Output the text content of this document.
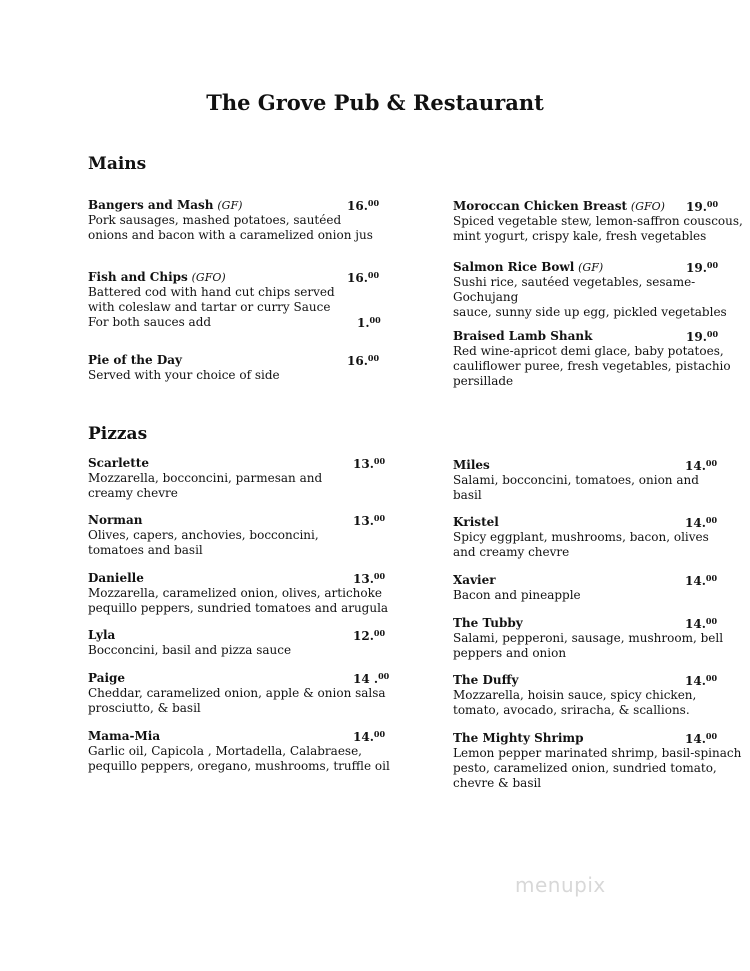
The Grove Pub & Restaurant
Mains
Pizzas
Bangers and Mash (GF)
Pork sausages, mashed potatoes, sautéed
onions and bacon with a caramelized onion jus
16.00
Fish and Chips (GFO)
Battered cod with hand cut chips served
with coleslaw and tartar or curry Sauce
For both sauces add
16.00
1.00
Pie of the Day
Served with your choice of side
16.00
Moroccan Chicken Breast (GFO)
Spiced vegetable stew, lemon-saffron couscous,
mint yogurt, crispy kale, fresh vegetables
19.00
Salmon Rice Bowl (GF)
Sushi rice, sautéed vegetables, sesame-Gochujang
sauce, sunny side up egg, pickled vegetables
19.00
Braised Lamb Shank
Red wine-apricot demi glace, baby potatoes,
cauliflower puree, fresh vegetables, pistachio
persillade
19.00
Scarlette
Mozzarella, bocconcini, parmesan and
creamy chevre
13.00
Norman
Olives, capers, anchovies, bocconcini,
tomatoes and basil
13.00
Danielle
Mozzarella, caramelized onion, olives, artichoke
pequillo peppers, sundried tomatoes and arugula
13.00
Lyla
Bocconcini, basil and pizza sauce
12.00
Paige
Cheddar, caramelized onion, apple & onion salsa
prosciutto, & basil
14 .$^{00}$
Mama-Mia
Garlic oil, Capicola , Mortadella, Calabraese,
pequillo peppers, oregano, mushrooms, truffle oil
14.00
Miles
Salami, bocconcini, tomatoes, onion and
basil
14.00
Kristel
Spicy eggplant, mushrooms, bacon, olives
and creamy chevre
14.00
Xavier
Bacon and pineapple
14.00
The Tubby
Salami, pepperoni, sausage, mushroom, bell
peppers and onion
14.00
The Duffy
Mozzarella, hoisin sauce, spicy chicken,
tomato, avocado, sriracha, & scallions.
14.00
The Mighty Shrimp
Lemon pepper marinated shrimp, basil-spinach
pesto, caramelized onion, sundried tomato,
chevre & basil
14.00
menupix
